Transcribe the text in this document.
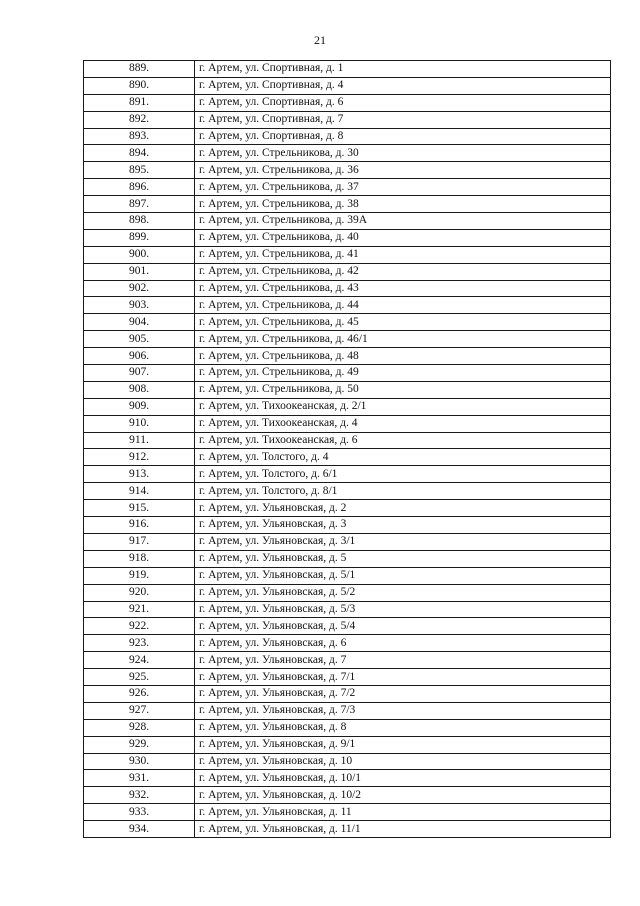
21
889.	г. Артем, ул. Спортивная, д. 1
890.	г. Артем, ул. Спортивная, д. 4
891.	г. Артем, ул. Спортивная, д. 6
892.	г. Артем, ул. Спортивная, д. 7
893.	г. Артем, ул. Спортивная, д. 8
894.	г. Артем, ул. Стрельникова, д. 30
895.	г. Артем, ул. Стрельникова, д. 36
896.	г. Артем, ул. Стрельникова, д. 37
897.	г. Артем, ул. Стрельникова, д. 38
898.	г. Артем, ул. Стрельникова, д. 39А
899.	г. Артем, ул. Стрельникова, д. 40
900.	г. Артем, ул. Стрельникова, д. 41
901.	г. Артем, ул. Стрельникова, д. 42
902.	г. Артем, ул. Стрельникова, д. 43
903.	г. Артем, ул. Стрельникова, д. 44
904.	г. Артем, ул. Стрельникова, д. 45
905.	г. Артем, ул. Стрельникова, д. 46/1
906.	г. Артем, ул. Стрельникова, д. 48
907.	г. Артем, ул. Стрельникова, д. 49
908.	г. Артем, ул. Стрельникова, д. 50
909.	г. Артем, ул. Тихоокеанская, д. 2/1
910.	г. Артем, ул. Тихоокеанская, д. 4
911.	г. Артем, ул. Тихоокеанская, д. 6
912.	г. Артем, ул. Толстого, д. 4
913.	г. Артем, ул. Толстого, д. 6/1
914.	г. Артем, ул. Толстого, д. 8/1
915.	г. Артем, ул. Ульяновская, д. 2
916.	г. Артем, ул. Ульяновская, д. 3
917.	г. Артем, ул. Ульяновская, д. 3/1
918.	г. Артем, ул. Ульяновская, д. 5
919.	г. Артем, ул. Ульяновская, д. 5/1
920.	г. Артем, ул. Ульяновская, д. 5/2
921.	г. Артем, ул. Ульяновская, д. 5/3
922.	г. Артем, ул. Ульяновская, д. 5/4
923.	г. Артем, ул. Ульяновская, д. 6
924.	г. Артем, ул. Ульяновская, д. 7
925.	г. Артем, ул. Ульяновская, д. 7/1
926.	г. Артем, ул. Ульяновская, д. 7/2
927.	г. Артем, ул. Ульяновская, д. 7/3
928.	г. Артем, ул. Ульяновская, д. 8
929.	г. Артем, ул. Ульяновская, д. 9/1
930.	г. Артем, ул. Ульяновская, д. 10
931.	г. Артем, ул. Ульяновская, д. 10/1
932.	г. Артем, ул. Ульяновская, д. 10/2
933.	г. Артем, ул. Ульяновская, д. 11
934.	г. Артем, ул. Ульяновская, д. 11/1
